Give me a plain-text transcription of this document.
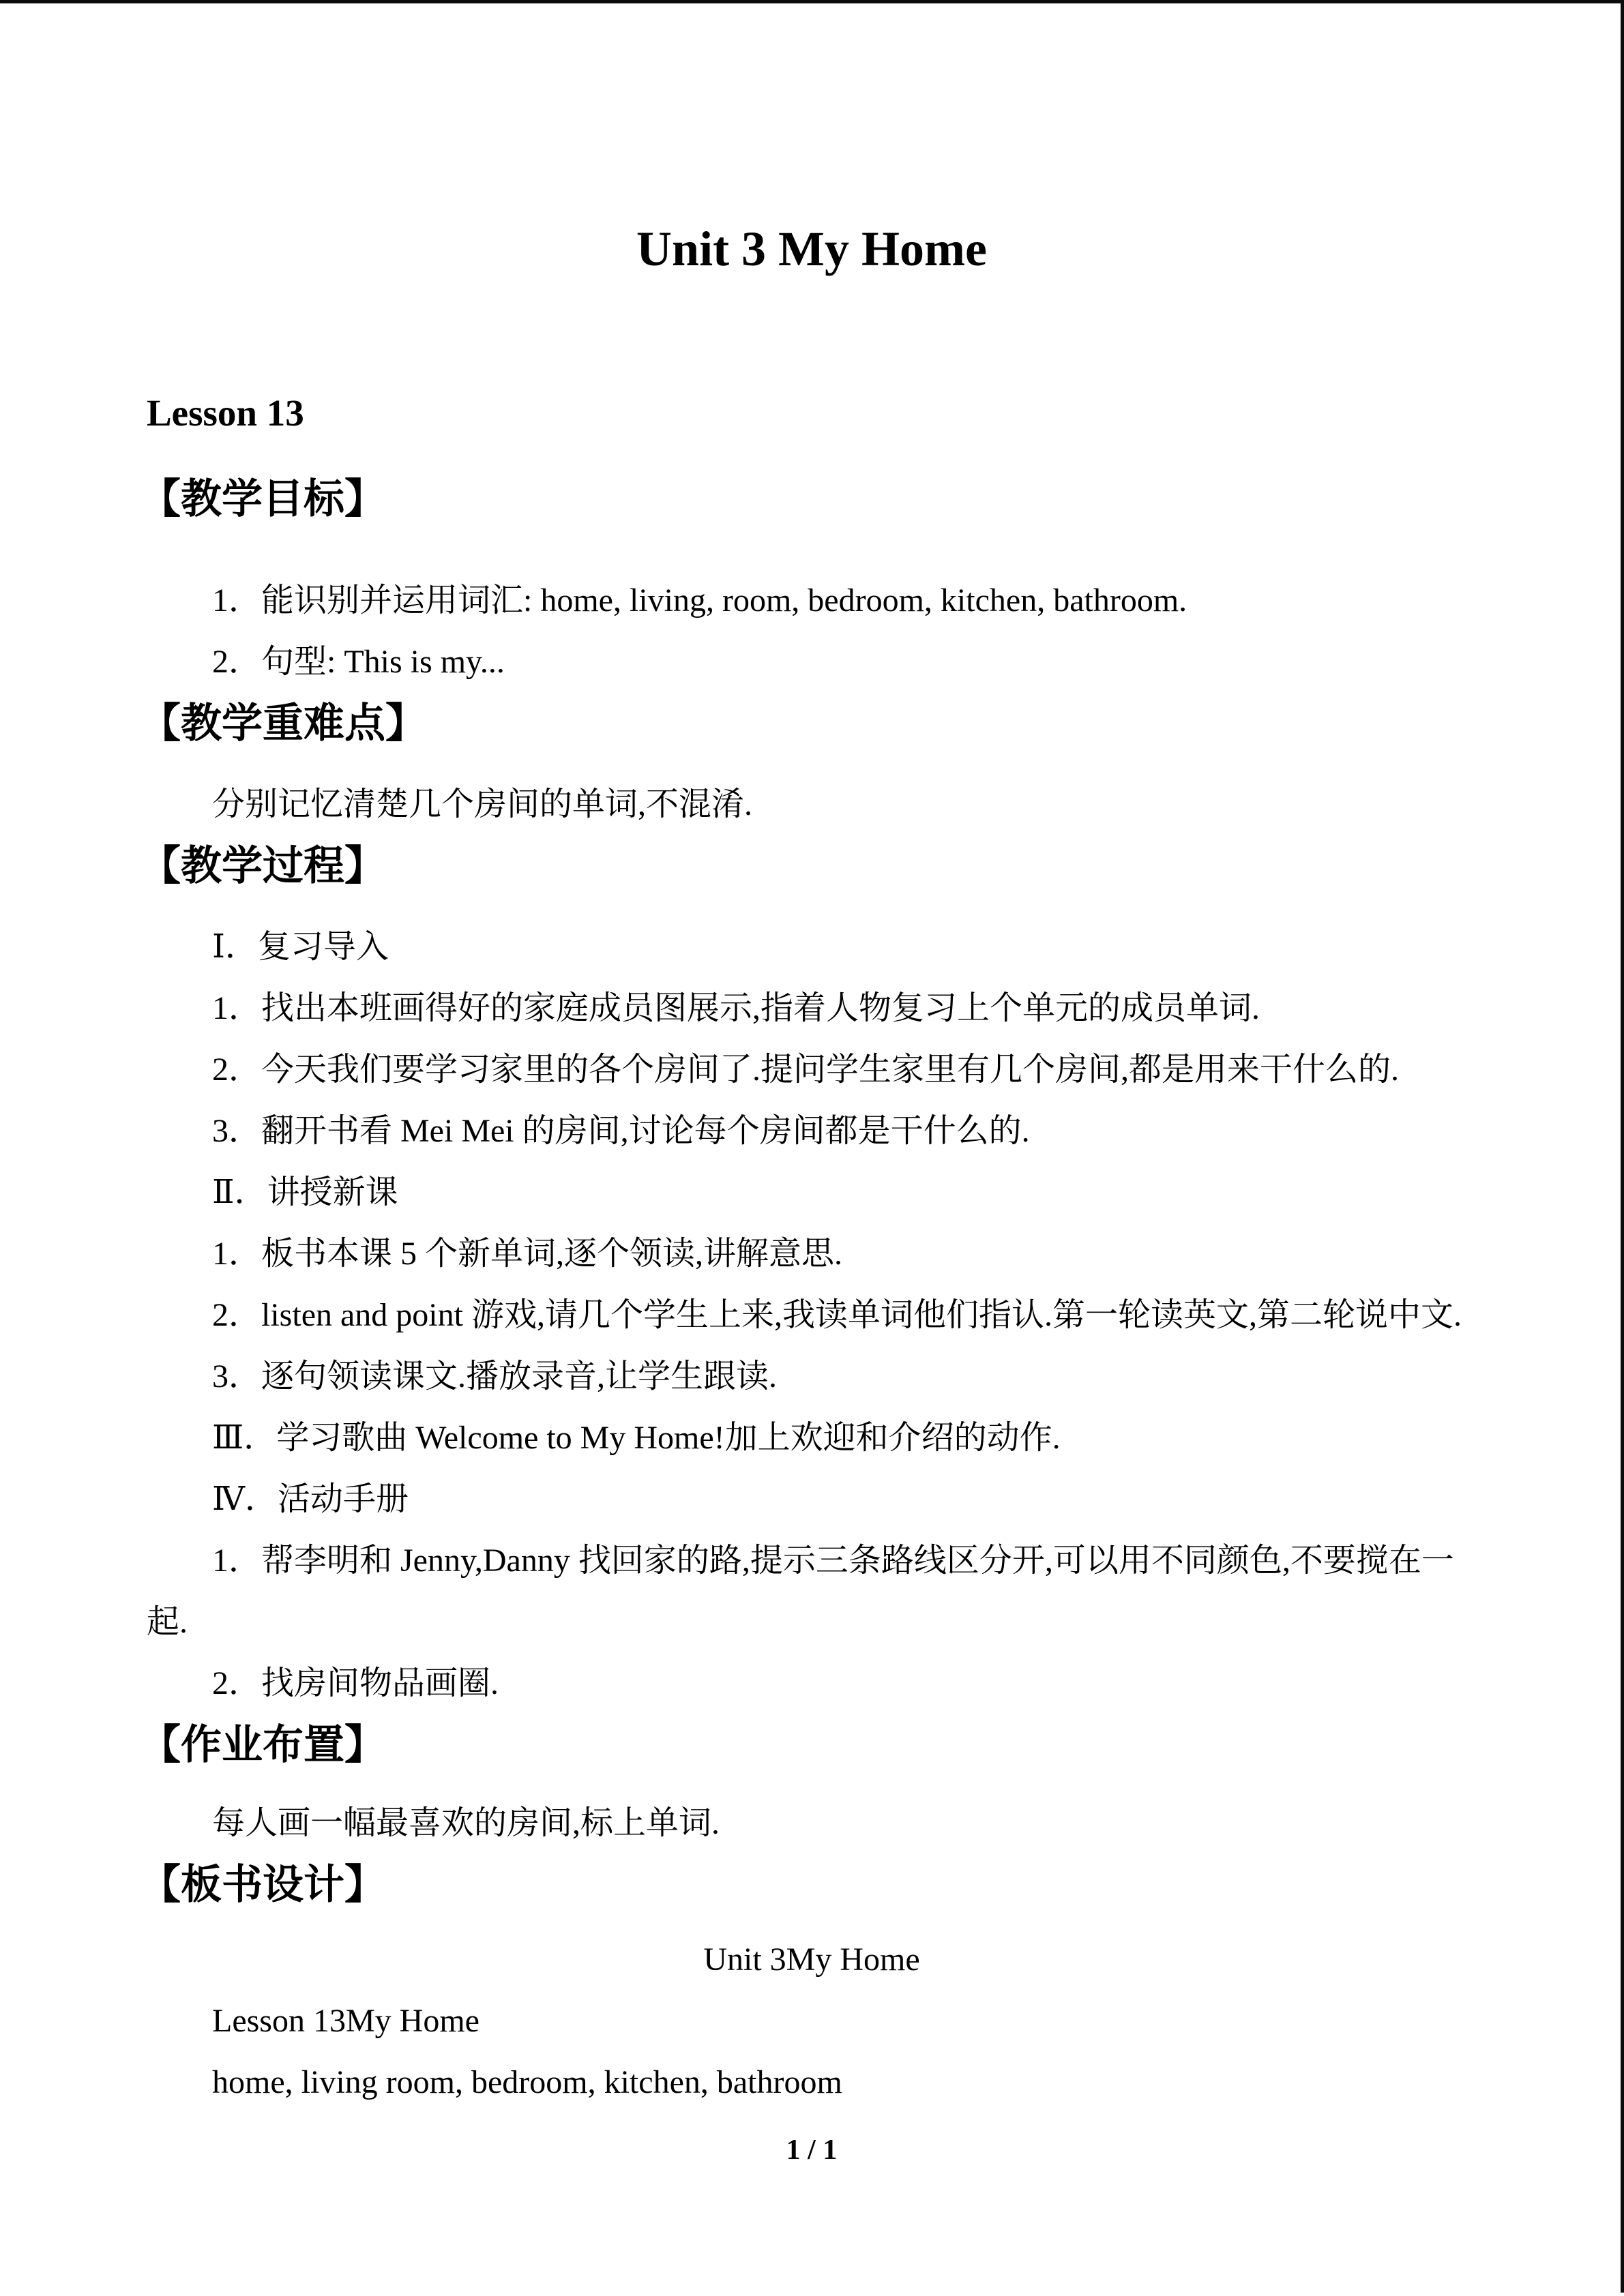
Unit 3 My Home
Lesson 13
【教学目标】

1．能识别并运用词汇: home, living, room, bedroom, kitchen, bathroom.

2．句型: This is my...

【教学重难点】

分别记忆清楚几个房间的单词,不混淆.

【教学过程】

Ⅰ．复习导入

1．找出本班画得好的家庭成员图展示,指着人物复习上个单元的成员单词.

2．今天我们要学习家里的各个房间了.提问学生家里有几个房间,都是用来干什么的.

3．翻开书看 Mei Mei 的房间,讨论每个房间都是干什么的.

Ⅱ．讲授新课

1．板书本课 5 个新单词,逐个领读,讲解意思.

2．listen and point 游戏,请几个学生上来,我读单词他们指认.第一轮读英文,第二轮说中文.

3．逐句领读课文.播放录音,让学生跟读.

Ⅲ．学习歌曲 Welcome to My Home!加上欢迎和介绍的动作.

Ⅳ．活动手册

1．帮李明和 Jenny,Danny 找回家的路,提示三条路线区分开,可以用不同颜色,不要搅在一

起.

2．找房间物品画圈.

【作业布置】

每人画一幅最喜欢的房间,标上单词.

【板书设计】

Unit 3My Home

Lesson 13My Home

home, living room, bedroom, kitchen, bathroom

1 / 1
